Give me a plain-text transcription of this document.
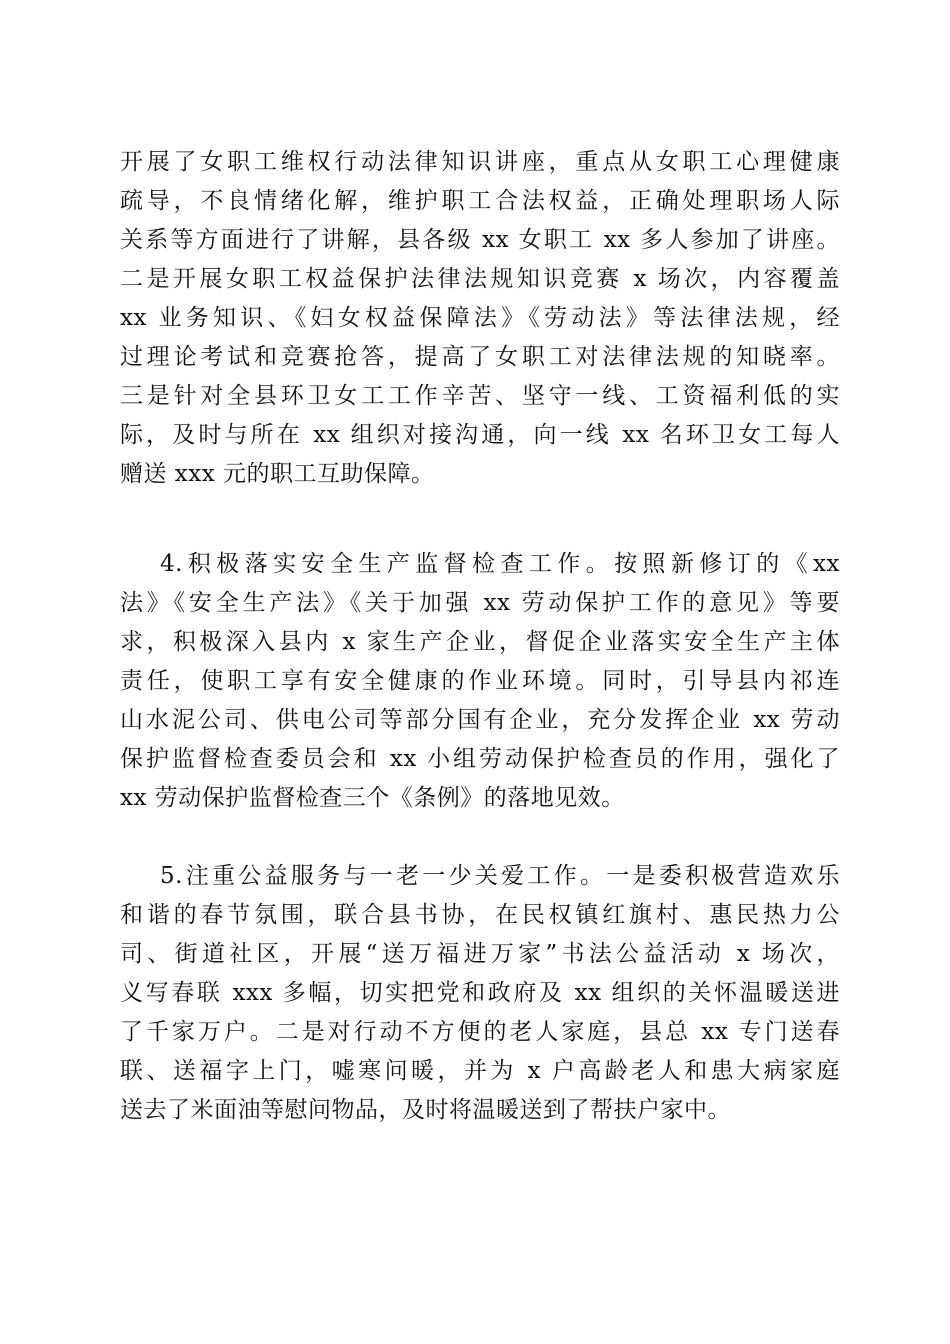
开展了女职工维权行动法律知识讲座，重点从女职工心理健康
疏导，不良情绪化解，维护职工合法权益，正确处理职场人际
关系等方面进行了讲解，县各级 xx 女职工 xx 多人参加了讲座。
二是开展女职工权益保护法律法规知识竞赛 x 场次，内容覆盖
xx 业务知识、《妇女权益保障法》《劳动法》等法律法规，经
过理论考试和竞赛抢答，提高了女职工对法律法规的知晓率。
三是针对全县环卫女工工作辛苦、坚守一线、工资福利低的实
际，及时与所在 xx 组织对接沟通，向一线 xx 名环卫女工每人
赠送 xxx 元的职工互助保障。
4.积极落实安全生产监督检查工作。按照新修订的《xx
法》《安全生产法》《关于加强 xx 劳动保护工作的意见》等要
求，积极深入县内 x 家生产企业，督促企业落实安全生产主体
责任，使职工享有安全健康的作业环境。同时，引导县内祁连
山水泥公司、供电公司等部分国有企业，充分发挥企业 xx 劳动
保护监督检查委员会和 xx 小组劳动保护检查员的作用，强化了
xx 劳动保护监督检查三个《条例》的落地见效。
5.注重公益服务与一老一少关爱工作。一是委积极营造欢乐
和谐的春节氛围，联合县书协，在民权镇红旗村、惠民热力公
司、街道社区，开展“送万福进万家”书法公益活动 x 场次，
义写春联 xxx 多幅，切实把党和政府及 xx 组织的关怀温暖送进
了千家万户。二是对行动不方便的老人家庭，县总 xx 专门送春
联、送福字上门，嘘寒问暖，并为 x 户高龄老人和患大病家庭
送去了米面油等慰问物品，及时将温暖送到了帮扶户家中。
